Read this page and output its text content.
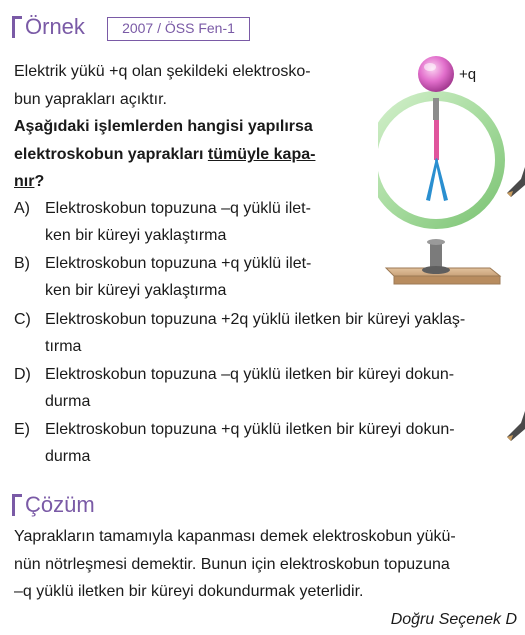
Örnek	2007 / ÖSS Fen-1
Elektrik yükü +q olan şekildeki elektrosko-
bun yaprakları açıktır.
Aşağıdaki işlemlerden hangisi yapılırsa
elektroskobun yaprakları tümüyle kapa-
nır?
A) Elektroskobun topuzuna –q yüklü ilet-
ken bir küreyi yaklaştırma
B) Elektroskobun topuzuna +q yüklü ilet-
ken bir küreyi yaklaştırma
C) Elektroskobun topuzuna +2q yüklü iletken bir küreyi yaklaş-
tırma
D) Elektroskobun topuzuna –q yüklü iletken bir küreyi dokun-
durma
E) Elektroskobun topuzuna +q yüklü iletken bir küreyi dokun-
durma
+q
Çözüm
Yaprakların tamamıyla kapanması demek elektroskobun yükü-
nün nötrleşmesi demektir. Bunun için elektroskobun topuzuna
–q yüklü iletken bir küreyi dokundurmak yeterlidir.
Doğru Seçenek D
